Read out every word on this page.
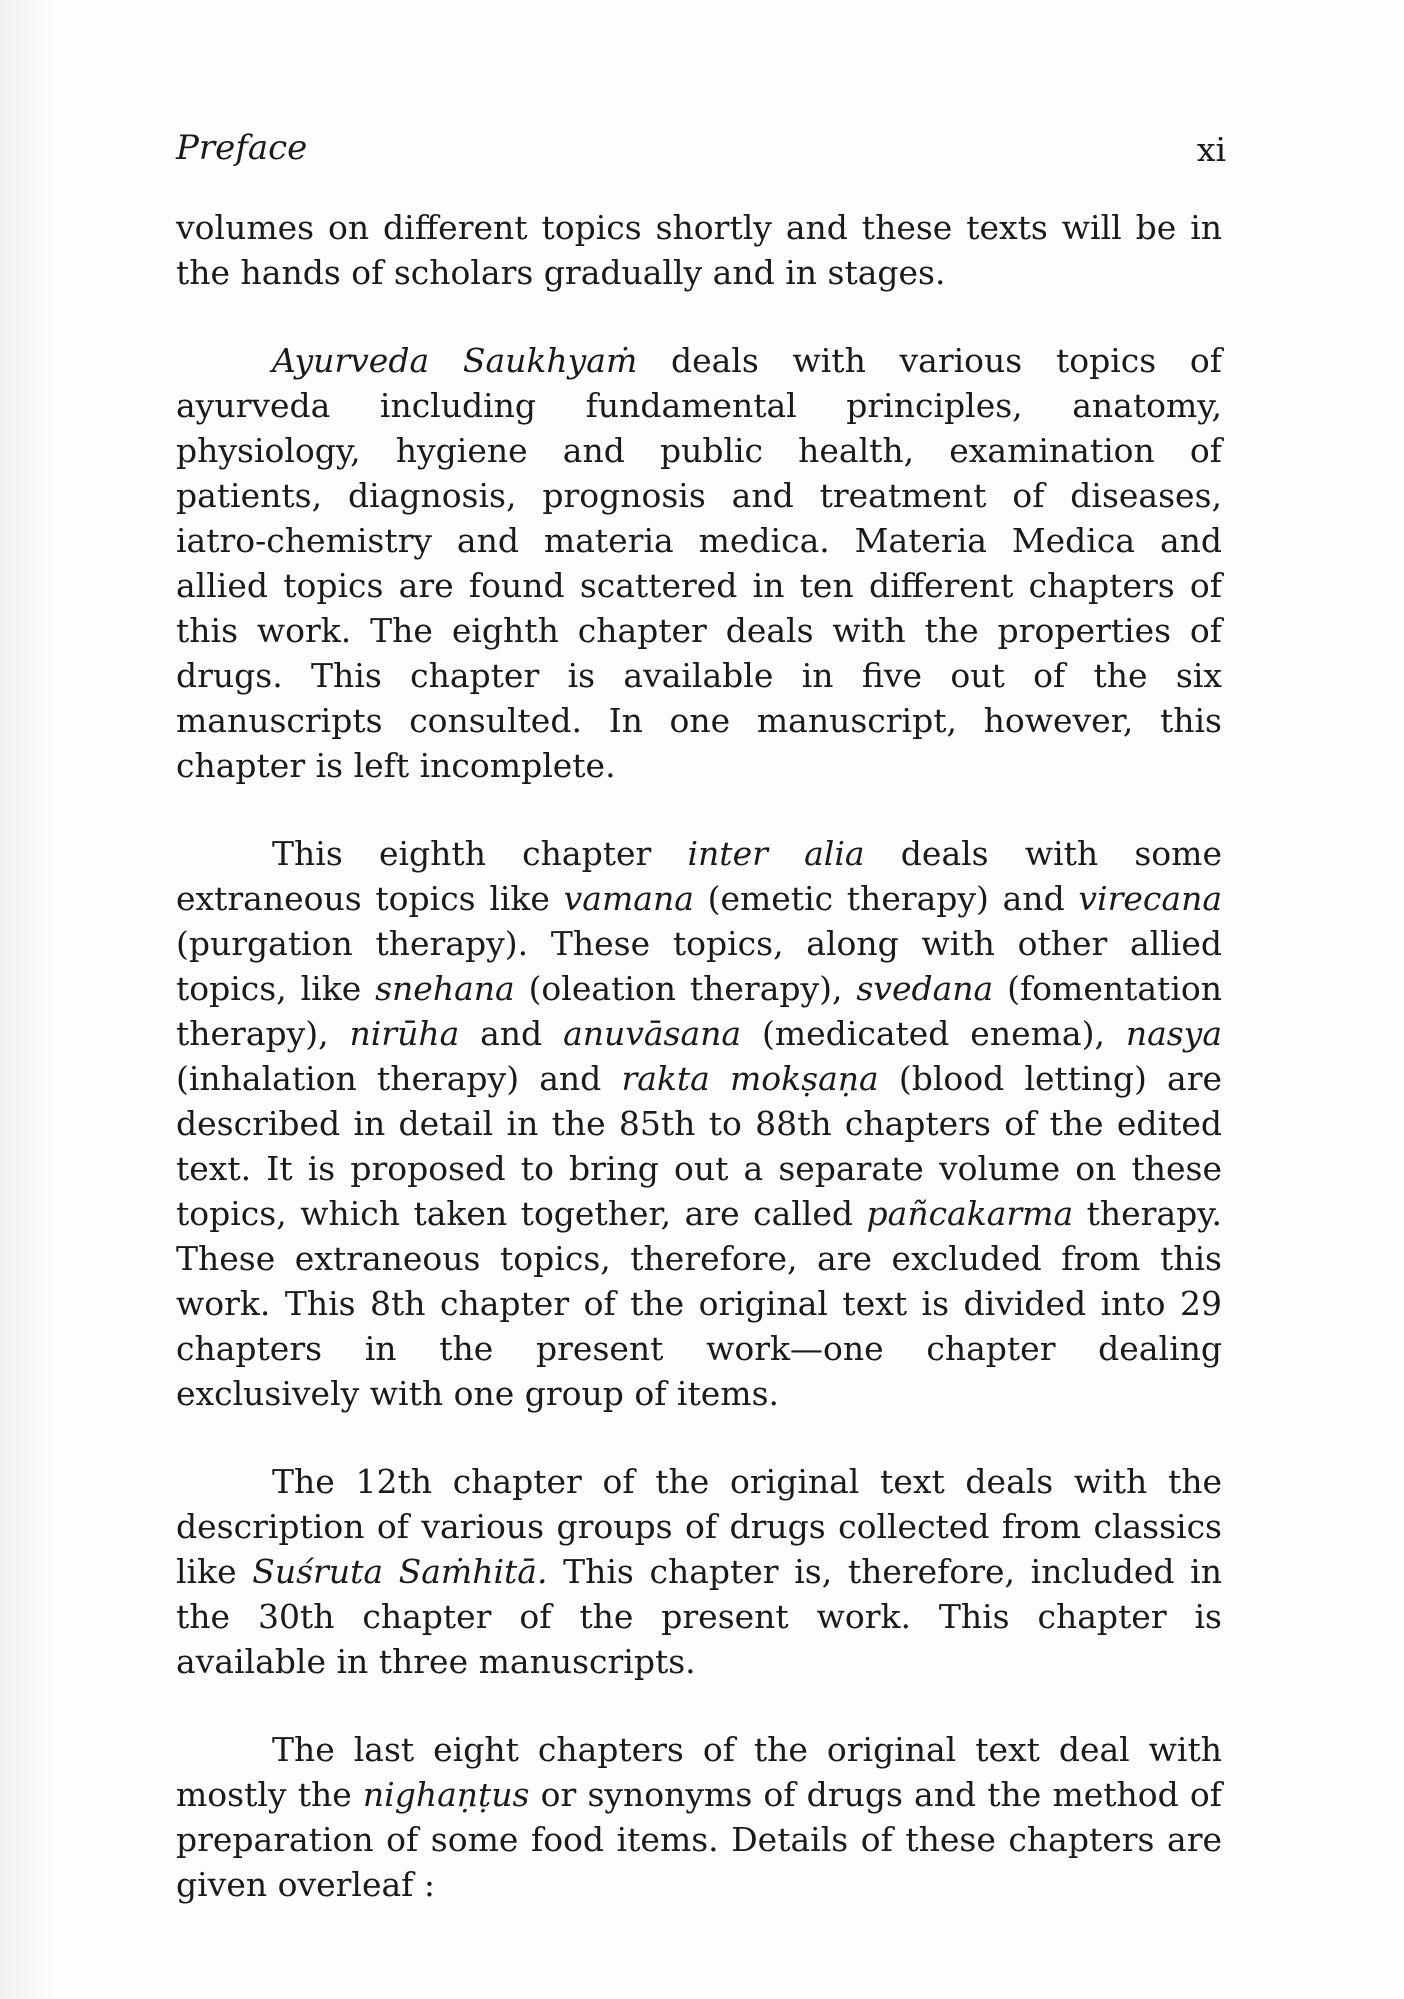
Preface	xi

volumes on different topics shortly and these texts will be in the hands of scholars gradually and in stages.

Ayurveda Saukhyaṁ deals with various topics of ayurveda including fundamental principles, anatomy, physiology, hygiene and public health, examination of patients, diagnosis, prognosis and treatment of diseases, iatro-chemistry and materia medica. Materia Medica and allied topics are found scattered in ten different chapters of this work. The eighth chapter deals with the properties of drugs. This chapter is available in five out of the six manuscripts consulted. In one manuscript, however, this chapter is left incomplete.

This eighth chapter inter alia deals with some extraneous topics like vamana (emetic therapy) and virecana (purgation therapy). These topics, along with other allied topics, like snehana (oleation therapy), svedana (fomentation therapy), nirūha and anuvāsana (medicated enema), nasya (inhalation therapy) and rakta mokṣaṇa (blood letting) are described in detail in the 85th to 88th chapters of the edited text. It is proposed to bring out a separate volume on these topics, which taken together, are called pañcakarma therapy. These extraneous topics, therefore, are excluded from this work. This 8th chapter of the original text is divided into 29 chapters in the present work—one chapter dealing exclusively with one group of items.

The 12th chapter of the original text deals with the description of various groups of drugs collected from classics like Suśruta Saṁhitā. This chapter is, therefore, included in the 30th chapter of the present work. This chapter is available in three manuscripts.

The last eight chapters of the original text deal with mostly the nighaṇṭus or synonyms of drugs and the method of preparation of some food items. Details of these chapters are given overleaf :
